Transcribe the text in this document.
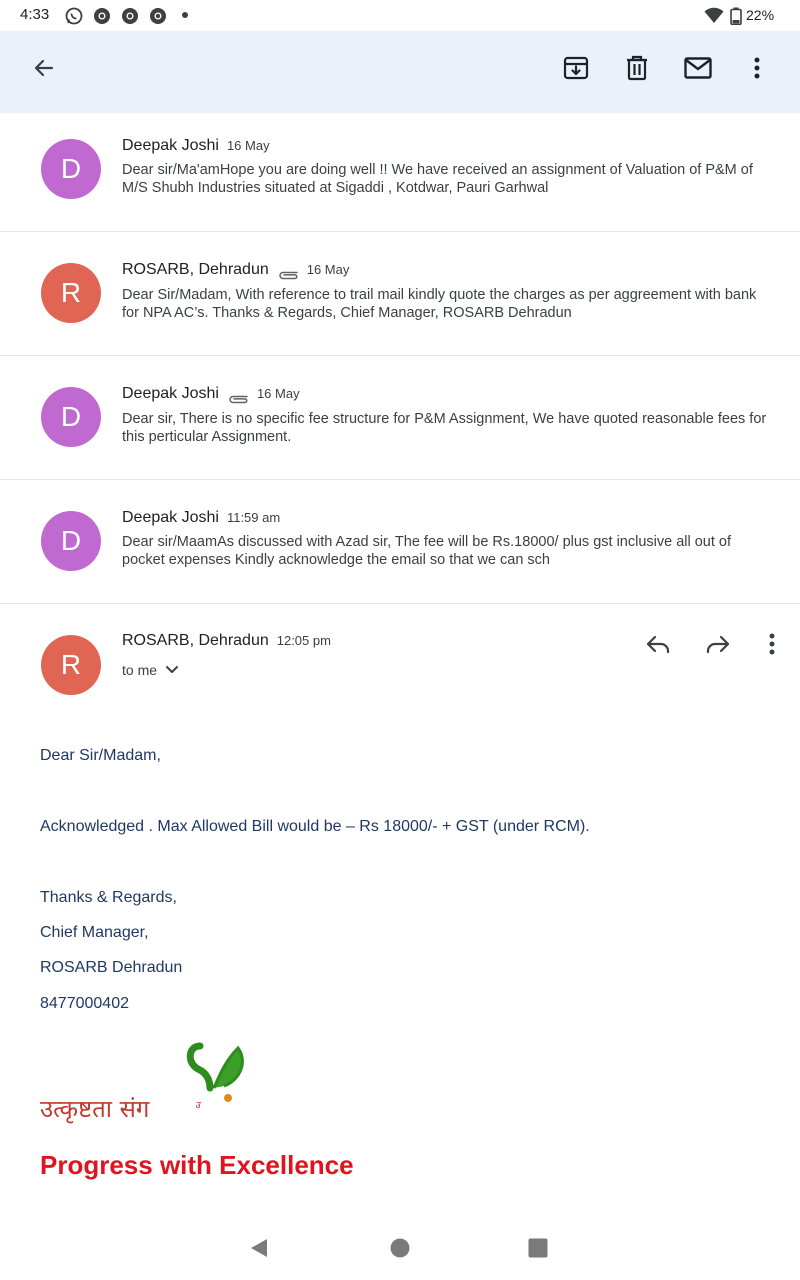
4:33	22%
D
Deepak Joshi 16 May
Dear sir/Ma'amHope you are doing well !! We have received an assignment of Valuation of P&M of M/S Shubh Industries situated at Sigaddi , Kotdwar, Pauri Garhwal
R
ROSARB, Dehradun	16 May
Dear Sir/Madam, With reference to trail mail kindly quote the charges as per aggreement with bank for NPA AC’s. Thanks & Regards, Chief Manager, ROSARB Dehradun
D
Deepak Joshi	16 May
Dear sir, There is no specific fee structure for P&M Assignment, We have quoted reasonable fees for this perticular Assignment.
D
Deepak Joshi 11:59 am
Dear sir/MaamAs discussed with Azad sir, The fee will be Rs.18000/ plus gst inclusive all out of pocket expenses Kindly acknowledge the email so that we can sch
R
ROSARB, Dehradun 12:05 pm
to me
Dear Sir/Madam,
Acknowledged . Max Allowed Bill would be – Rs 18000/- + GST (under RCM).
Thanks & Regards,
Chief Manager,
ROSARB Dehradun
8477000402
उत्कृष्टता संग	उ
Progress with Excellence
